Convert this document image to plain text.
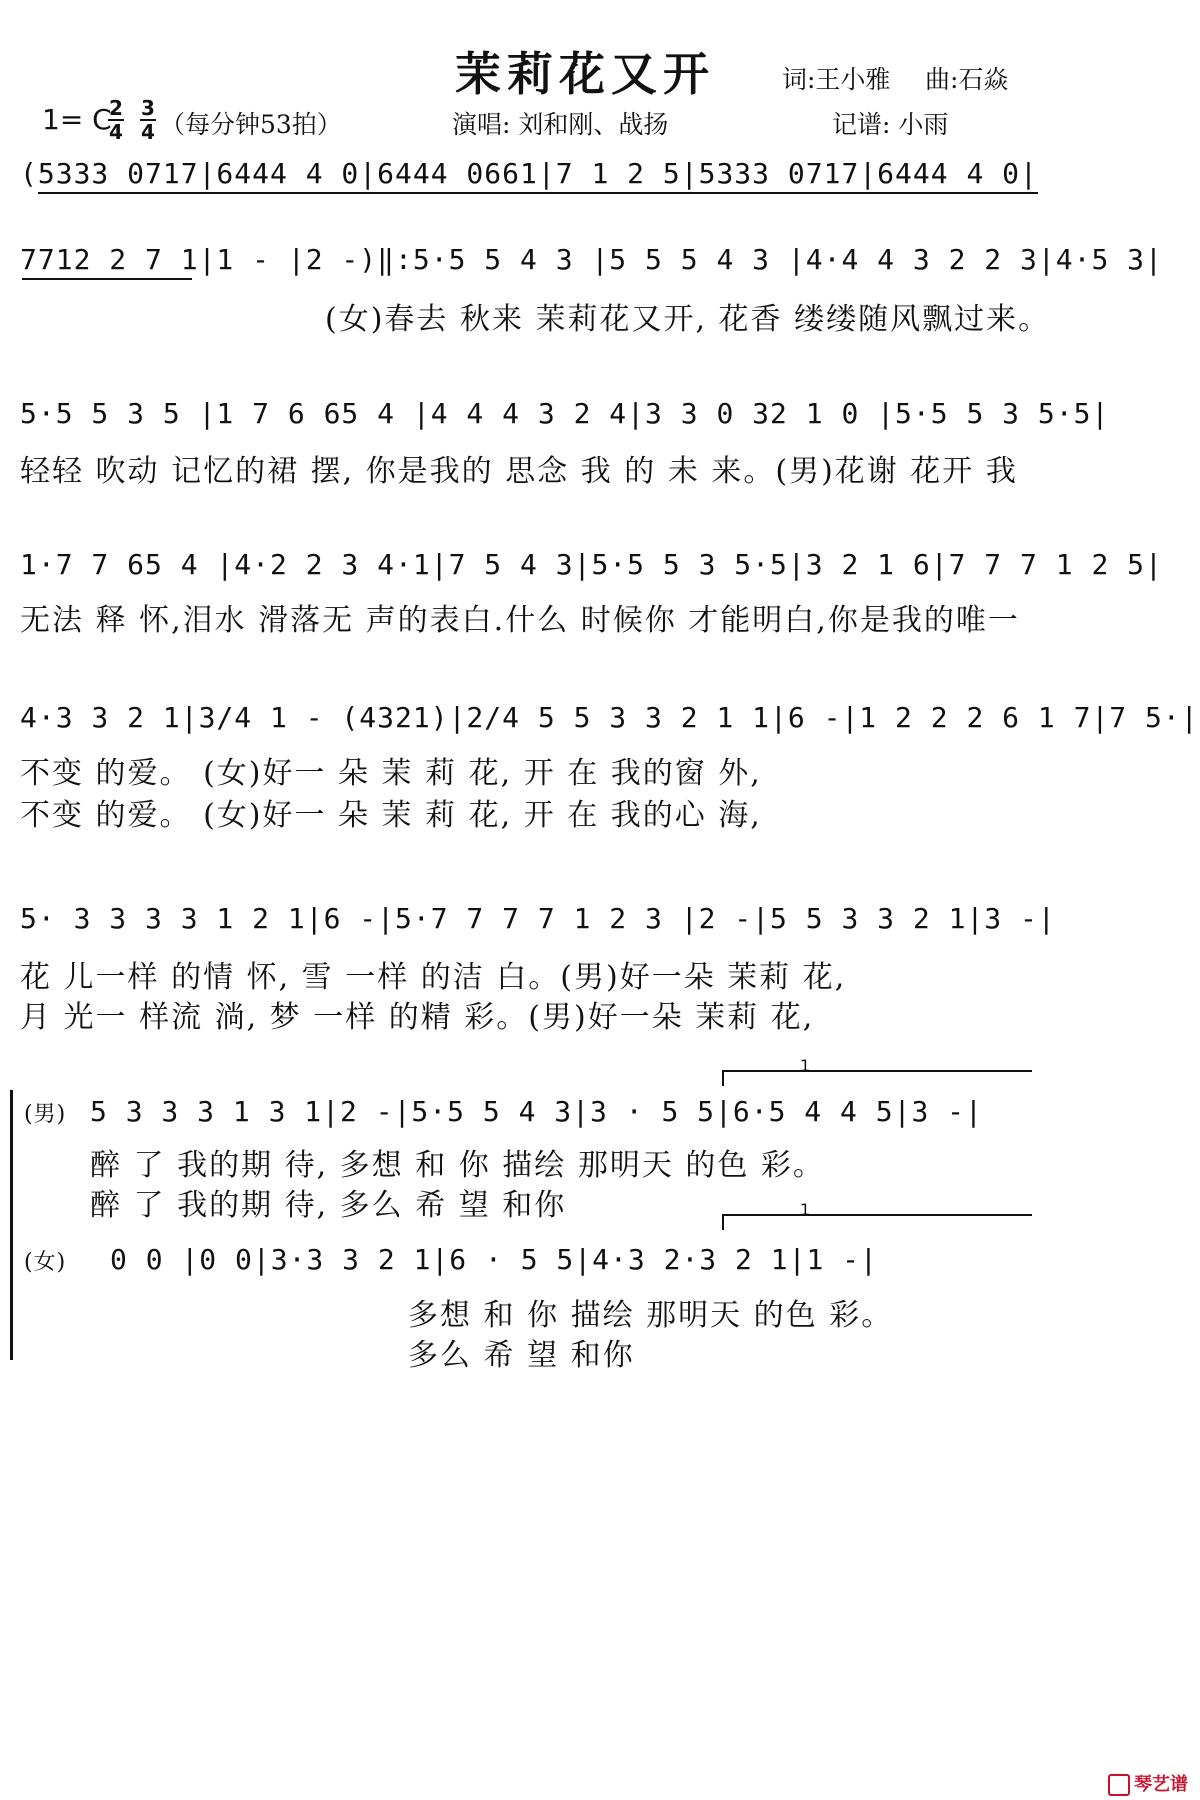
茉莉花又开	词:王小雅 曲:石焱
1= C
2
4
3
4 （每分钟53拍）	演唱: 刘和刚、战扬	记谱: 小雨
(5333 0717|6444 4 0|6444 0661|7 1 2 5|5333 0717|6444 4 0|
7712 2 7 1|1 - |2 -)‖:5·5 5 4 3 |5 5 5 4 3 |4·4 4 3 2 2 3|4·5 3|
(女)春去 秋来 茉莉花又开, 花香 缕缕随风飘过来。
5·5 5 3 5 |1 7 6 65 4 |4 4 4 3 2 4|3 3 0 32 1 0 |5·5 5 3 5·5|
轻轻 吹动 记忆的裙 摆, 你是我的 思念 我 的 未 来。(男)花谢 花开 我
1·7 7 65 4 |4·2 2 3 4·1|7 5 4 3|5·5 5 3 5·5|3 2 1 6|7 7 7 1 2 5|
无法 释 怀,泪水 滑落无 声的表白.什么 时候你 才能明白,你是我的唯一
4·3 3 2 1|3/4 1 - (4321)|2/4 5 5 3 3 2 1 1|6 -|1 2 2 2 6 1 7|7 5·|
不变 的爱。 (女)好一 朵 茉 莉 花, 开 在 我的窗 外,
不变 的爱。 (女)好一 朵 茉 莉 花, 开 在 我的心 海,
5· 3 3 3 3 1 2 1|6 -|5·7 7 7 7 1 2 3 |2 -|5 5 3 3 2 1|3 -|
花 儿一样 的情 怀, 雪 一样 的洁 白。(男)好一朵 茉莉 花,
月 光一 样流 淌, 梦 一样 的精 彩。(男)好一朵 茉莉 花,
1
(男) 5 3 3 3 1 3 1|2 -|5·5 5 4 3|3 · 5 5|6·5 4 4 5|3 -|
醉 了 我的期 待, 多想 和 你 描绘 那明天 的色 彩。
醉 了 我的期 待, 多么 希 望 和你	1
(女) 0 0 |0 0|3·3 3 2 1|6 · 5 5|4·3 2·3 2 1|1 -|
多想 和 你 描绘 那明天 的色 彩。
多么 希 望 和你
琴艺谱
